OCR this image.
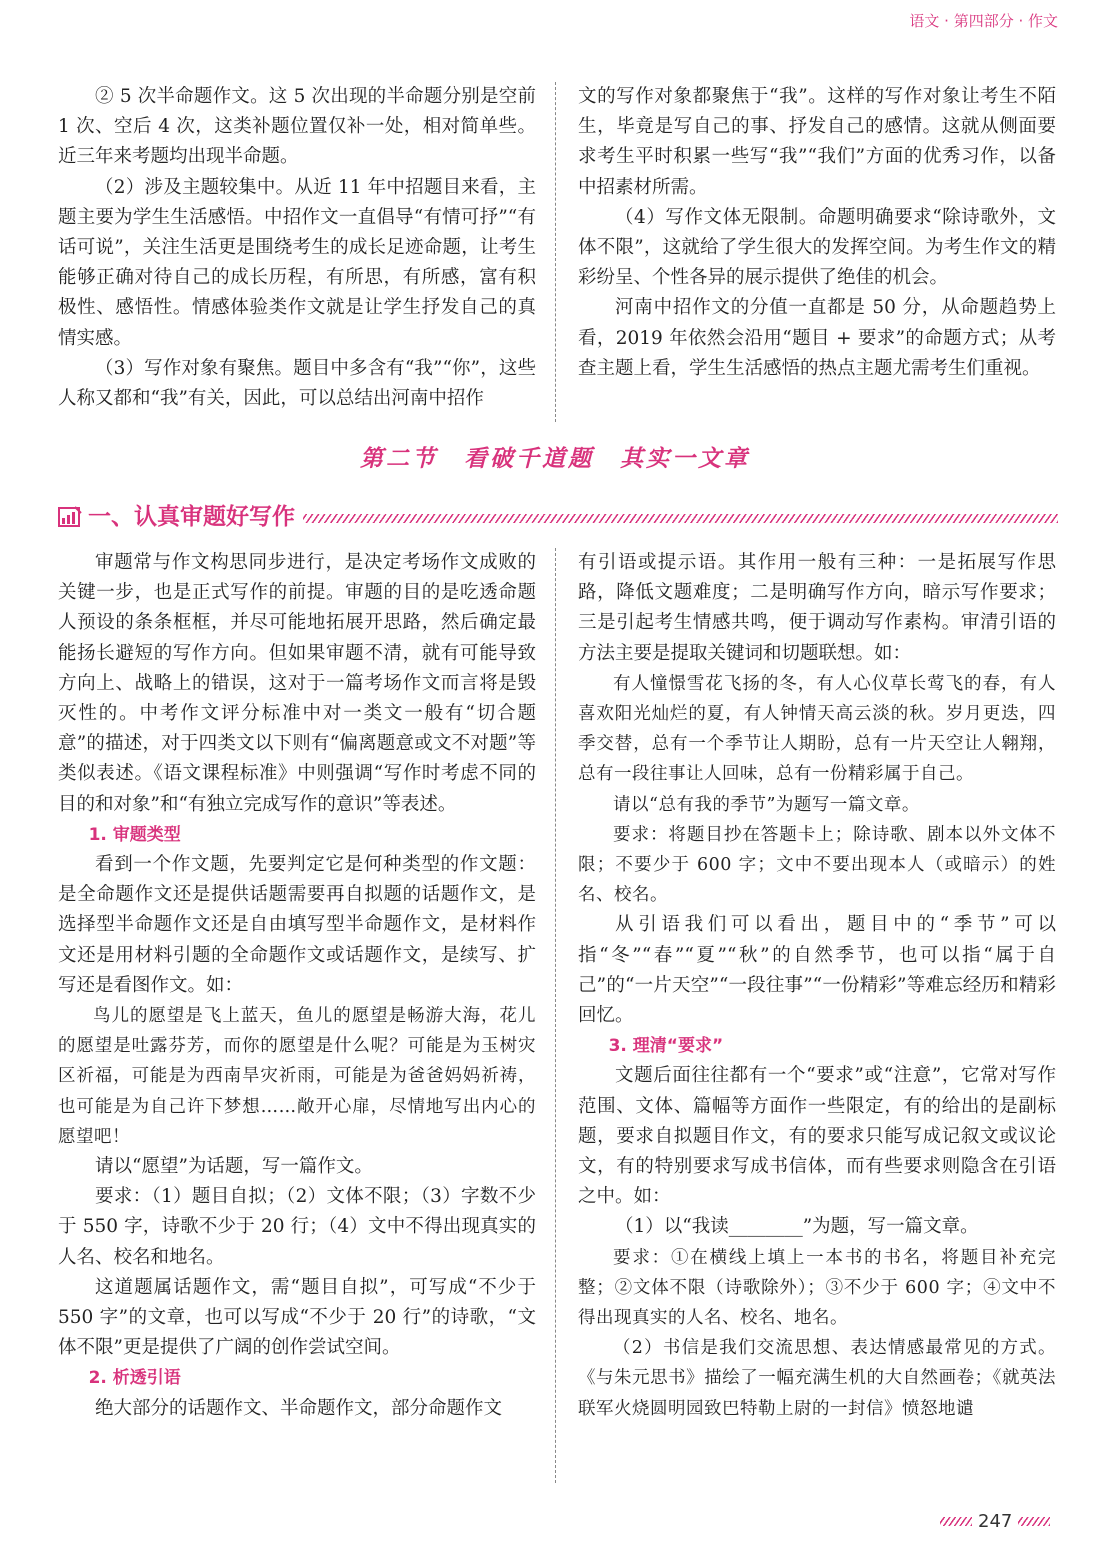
语文 · 第四部分 · 作文

② 5 次半命题作文。这 5 次出现的半命题分别是空前 1 次、空后 4 次，这类补题位置仅补一处，相对简单些。近三年来考题均出现半命题。

（2）涉及主题较集中。从近 11 年中招题目来看，主题主要为学生生活感悟。中招作文一直倡导“有情可抒”“有话可说”，关注生活更是围绕考生的成长足迹命题，让考生能够正确对待自己的成长历程，有所思，有所感，富有积极性、感悟性。情感体验类作文就是让学生抒发自己的真情实感。

（3）写作对象有聚焦。题目中多含有“我”“你”，这些人称又都和“我”有关，因此，可以总结出河南中招作

文的写作对象都聚焦于“我”。这样的写作对象让考生不陌生，毕竟是写自己的事、抒发自己的感情。这就从侧面要求考生平时积累一些写“我”“我们”方面的优秀习作，以备中招素材所需。

（4）写作文体无限制。命题明确要求“除诗歌外，文体不限”，这就给了学生很大的发挥空间。为考生作文的精彩纷呈、个性各异的展示提供了绝佳的机会。

河南中招作文的分值一直都是 50 分，从命题趋势上看，2019 年依然会沿用“题目 + 要求”的命题方式；从考查主题上看，学生生活感悟的热点主题尤需考生们重视。

第二节　看破千道题　其实一文章
一、认真审题好写作

审题常与作文构思同步进行，是决定考场作文成败的关键一步，也是正式写作的前提。审题的目的是吃透命题人预设的条条框框，并尽可能地拓展开思路，然后确定最能扬长避短的写作方向。但如果审题不清，就有可能导致方向上、战略上的错误，这对于一篇考场作文而言将是毁灭性的。中考作文评分标准中对一类文一般有“切合题意”的描述，对于四类文以下则有“偏离题意或文不对题”等类似表述。《语文课程标准》中则强调“写作时考虑不同的目的和对象”和“有独立完成写作的意识”等表述。

1. 审题类型

看到一个作文题，先要判定它是何种类型的作文题：是全命题作文还是提供话题需要再自拟题的话题作文，是选择型半命题作文还是自由填写型半命题作文，是材料作文还是用材料引题的全命题作文或话题作文，是续写、扩写还是看图作文。如：

鸟儿的愿望是飞上蓝天，鱼儿的愿望是畅游大海，花儿的愿望是吐露芬芳，而你的愿望是什么呢？可能是为玉树灾区祈福，可能是为西南旱灾祈雨，可能是为爸爸妈妈祈祷，也可能是为自己许下梦想……敞开心扉，尽情地写出内心的愿望吧！

请以“愿望”为话题，写一篇作文。

要求：（1）题目自拟；（2）文体不限；（3）字数不少于 550 字，诗歌不少于 20 行；（4）文中不得出现真实的人名、校名和地名。

这道题属话题作文，需“题目自拟”，可写成“不少于 550 字”的文章，也可以写成“不少于 20 行”的诗歌，“文体不限”更是提供了广阔的创作尝试空间。

2. 析透引语

绝大部分的话题作文、半命题作文，部分命题作文

有引语或提示语。其作用一般有三种：一是拓展写作思路，降低文题难度；二是明确写作方向，暗示写作要求；三是引起考生情感共鸣，便于调动写作素构。审清引语的方法主要是提取关键词和切题联想。如：

有人憧憬雪花飞扬的冬，有人心仪草长莺飞的春，有人喜欢阳光灿烂的夏，有人钟情天高云淡的秋。岁月更迭，四季交替，总有一个季节让人期盼，总有一片天空让人翱翔，总有一段往事让人回味，总有一份精彩属于自己。

请以“总有我的季节”为题写一篇文章。

要求：将题目抄在答题卡上；除诗歌、剧本以外文体不限；不要少于 600 字；文中不要出现本人（或暗示）的姓名、校名。

从引语我们可以看出，题目中的“季节”可以指“冬”“春”“夏”“秋”的自然季节，也可以指“属于自己”的“一片天空”“一段往事”“一份精彩”等难忘经历和精彩回忆。

3. 理清“要求”

文题后面往往都有一个“要求”或“注意”，它常对写作范围、文体、篇幅等方面作一些限定，有的给出的是副标题，要求自拟题目作文，有的要求只能写成记叙文或议论文，有的特别要求写成书信体，而有些要求则隐含在引语之中。如：

（1）以“我读________”为题，写一篇文章。

要求：①在横线上填上一本书的书名，将题目补充完整；②文体不限（诗歌除外）；③不少于 600 字；④文中不得出现真实的人名、校名、地名。

（2）书信是我们交流思想、表达情感最常见的方式。《与朱元思书》描绘了一幅充满生机的大自然画卷；《就英法联军火烧圆明园致巴特勒上尉的一封信》愤怒地谴

247
